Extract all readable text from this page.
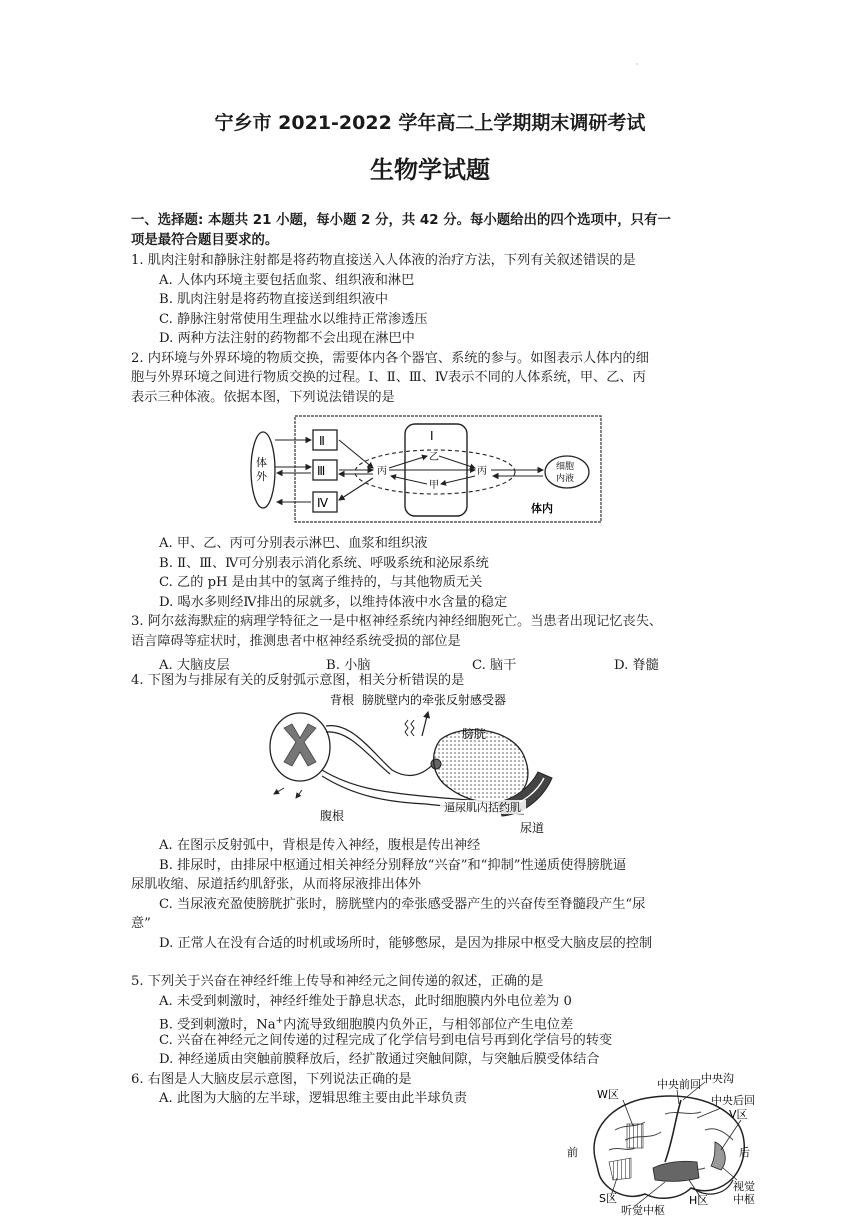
·
宁乡市 2021-2022 学年高二上学期期末调研考试
生物学试题
一、选择题: 本题共 21 小题，每小题 2 分，共 42 分。每小题给出的四个选项中，只有一
项是最符合题目要求的。
1. 肌肉注射和静脉注射都是将药物直接送入人体液的治疗方法，下列有关叙述错误的是
A. 人体内环境主要包括血浆、组织液和淋巴
B. 肌肉注射是将药物直接送到组织液中
C. 静脉注射常使用生理盐水以维持正常渗透压
D. 两种方法注射的药物都不会出现在淋巴中
2. 内环境与外界环境的物质交换，需要体内各个器官、系统的参与。如图表示人体内的细
胞与外界环境之间进行物质交换的过程。Ⅰ、Ⅱ、Ⅲ、Ⅳ表示不同的人体系统，甲、乙、丙
表示三种体液。依据本图，下列说法错误的是
体
外
Ⅱ
Ⅲ
Ⅳ
Ⅰ
乙
甲
丙
丙	细胞
内液
体内
A. 甲、乙、丙可分别表示淋巴、血浆和组织液
B. Ⅱ、Ⅲ、Ⅳ可分别表示消化系统、呼吸系统和泌尿系统
C. 乙的 pH 是由其中的氢离子维持的，与其他物质无关
D. 喝水多则经Ⅳ排出的尿就多，以维持体液中水含量的稳定
3. 阿尔兹海默症的病理学特征之一是中枢神经系统内神经细胞死亡。当患者出现记忆丧失、
语言障碍等症状时，推测患者中枢神经系统受损的部位是
A. 大脑皮层	B. 小脑	C. 脑干	D. 脊髓
4. 下图为与排尿有关的反射弧示意图，相关分析错误的是
背根 膀胱壁内的牵张反射感受器
膀胱
腹根
逼尿肌内括约肌
尿道
A. 在图示反射弧中，背根是传入神经，腹根是传出神经
B. 排尿时，由排尿中枢通过相关神经分别释放“兴奋”和“抑制”性递质使得膀胱逼
尿肌收缩、尿道括约肌舒张，从而将尿液排出体外
C. 当尿液充盈使膀胱扩张时，膀胱壁内的牵张感受器产生的兴奋传至脊髓段产生“尿
意”
D. 正常人在没有合适的时机或场所时，能够憋尿，是因为排尿中枢受大脑皮层的控制
5. 下列关于兴奋在神经纤维上传导和神经元之间传递的叙述，正确的是
A. 未受到刺激时，神经纤维处于静息状态，此时细胞膜内外电位差为 0
B. 受到刺激时，Na+内流导致细胞膜内负外正，与相邻部位产生电位差
C. 兴奋在神经元之间传递的过程完成了化学信号到电信号再到化学信号的转变
D. 神经递质由突触前膜释放后，经扩散通过突触间隙，与突触后膜受体结合
6. 右图是人大脑皮层示意图，下列说法正确的是
A. 此图为大脑的左半球，逻辑思维主要由此半球负责	W区
中央前回 中央沟
中央后回
V区
前	后
视觉
中枢
S区	H区
听觉中枢
